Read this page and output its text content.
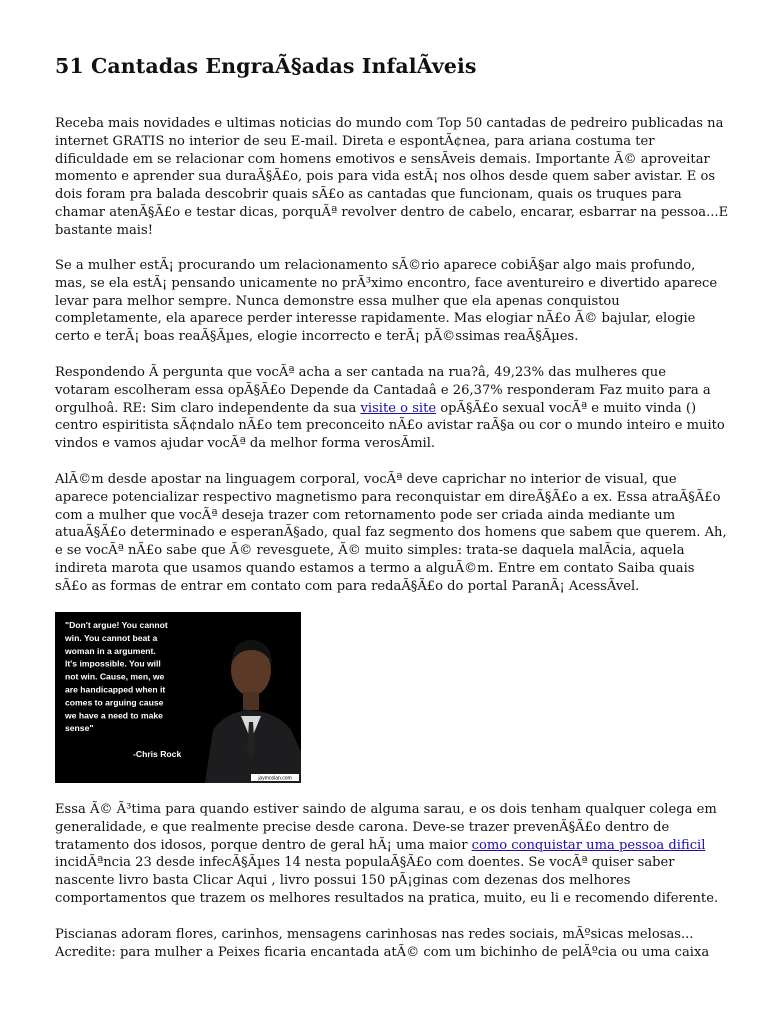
51 Cantadas EngraÃ§adas InfalÃveis

Receba mais novidades e ultimas noticias do mundo com Top 50 cantadas de pedreiro publicadas na
internet GRATIS no interior de seu E-mail. Direta e espontÃ¢nea, para ariana costuma ter
dificuldade em se relacionar com homens emotivos e sensÃveis demais. Importante Ã© aproveitar
momento e aprender sua duraÃ§Ã£o, pois para vida estÃ¡ nos olhos desde quem saber avistar. E os
dois foram pra balada descobrir quais sÃ£o as cantadas que funcionam, quais os truques para
chamar atenÃ§Ã£o e testar dicas, porquÃª revolver dentro de cabelo, encarar, esbarrar na pessoa...E
bastante mais!

Se a mulher estÃ¡ procurando um relacionamento sÃ©rio aparece cobiÃ§ar algo mais profundo,
mas, se ela estÃ¡ pensando unicamente no prÃ³ximo encontro, face aventureiro e divertido aparece
levar para melhor sempre. Nunca demonstre essa mulher que ela apenas conquistou
completamente, ela aparece perder interesse rapidamente. Mas elogiar nÃ£o Ã© bajular, elogie
certo e terÃ¡ boas reaÃ§Ãµes, elogie incorrecto e terÃ¡ pÃ©ssimas reaÃ§Ãµes.

Respondendo Ã pergunta que vocÃª acha a ser cantada na rua?â, 49,23% das mulheres que
votaram escolheram essa opÃ§Ã£o Depende da Cantadaâ e 26,37% responderam Faz muito para a
orgulhoâ. RE: Sim claro independente da sua visite o site opÃ§Ã£o sexual vocÃª e muito vinda ()
centro espiritista sÃ¢ndalo nÃ£o tem preconceito nÃ£o avistar raÃ§a ou cor o mundo inteiro e muito
vindos e vamos ajudar vocÃª da melhor forma verosÃmil.

AlÃ©m desde apostar na linguagem corporal, vocÃª deve caprichar no interior de visual, que
aparece potencializar respectivo magnetismo para reconquistar em direÃ§Ã£o a ex. Essa atraÃ§Ã£o
com a mulher que vocÃª deseja trazer com retornamento pode ser criada ainda mediante um
atuaÃ§Ã£o determinado e esperanÃ§ado, qual faz segmento dos homens que sabem que querem. Ah,
e se vocÃª nÃ£o sabe que Ã© revesguete, Ã© muito simples: trata-se daquela malÃcia, aquela
indireta marota que usamos quando estamos a termo a alguÃ©m. Entre em contato Saiba quais
sÃ£o as formas de entrar em contato com para redaÃ§Ã£o do portal ParanÃ¡ AcessÃvel.

"Don't argue! You cannot
win. You cannot beat a
woman in a argument.
It's impossible. You will
not win. Cause, men, we
are handicapped when it
comes to arguing cause
we have a need to make
sense"
-Chris Rock
jaymoslan.com

Essa Ã© Ã³tima para quando estiver saindo de alguma sarau, e os dois tenham qualquer colega em
generalidade, e que realmente precise desde carona. Deve-se trazer prevenÃ§Ã£o dentro de
tratamento dos idosos, porque dentro de geral hÃ¡ uma maior como conquistar uma pessoa dificil
incidÃªncia 23 desde infecÃ§Ãµes 14 nesta populaÃ§Ã£o com doentes. Se vocÃª quiser saber
nascente livro basta Clicar Aqui , livro possui 150 pÃ¡ginas com dezenas dos melhores
comportamentos que trazem os melhores resultados na pratica, muito, eu li e recomendo diferente.

Piscianas adoram flores, carinhos, mensagens carinhosas nas redes sociais, mÃºsicas melosas...
Acredite: para mulher a Peixes ficaria encantada atÃ© com um bichinho de pelÃºcia ou uma caixa
